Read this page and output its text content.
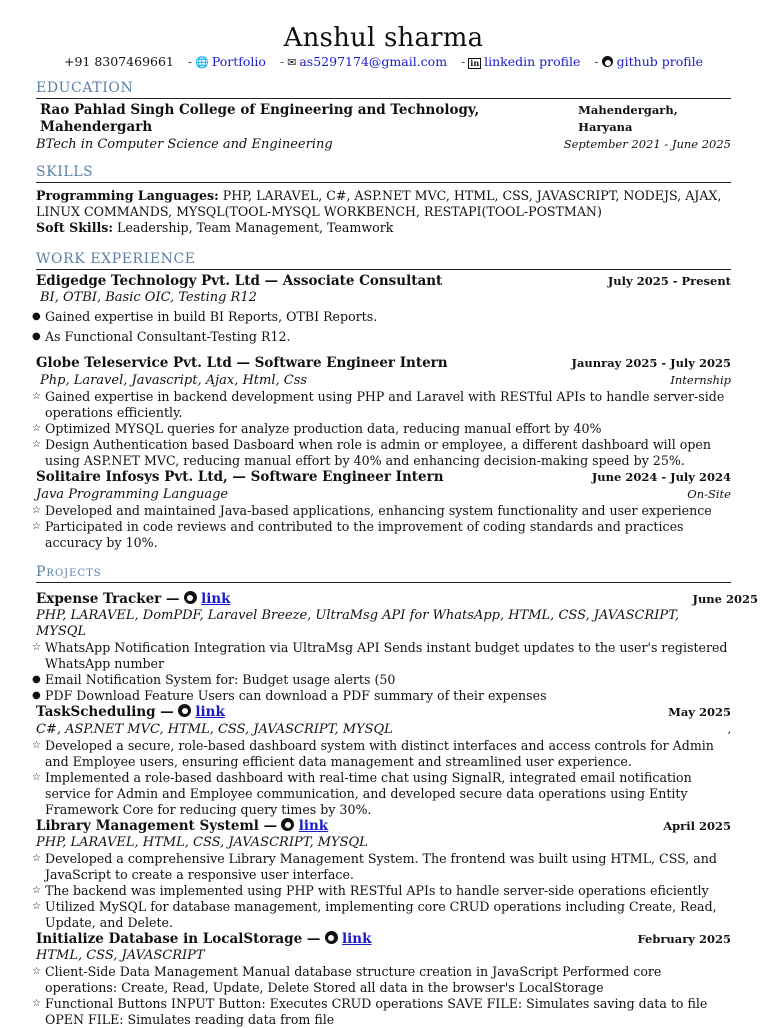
Anshul sharma
+91 8307469661 - 🌐 Portfolio - ✉ as5297174@gmail.com - in linkedin profile - github profile
EDUCATION
Rao Pahlad Singh College of Engineering and Technology, Mahendergarh
Mahendergarh, Haryana
BTech in Computer Science and Engineering	September 2021 - June 2025
SKILLS
Programming Languages: PHP, LARAVEL, C#, ASP.NET MVC, HTML, CSS, JAVASCRIPT, NODEJS, AJAX, LINUX COMMANDS, MYSQL(TOOL-MYSQL WORKBENCH, RESTAPI(TOOL-POSTMAN)
Soft Skills: Leadership, Team Management, Teamwork
WORK EXPERIENCE
Edigedge Technology Pvt. Ltd — Associate Consultant	July 2025 - Present
BI, OTBI, Basic OIC, Testing R12
● Gained expertise in build BI Reports, OTBI Reports.
● As Functional Consultant-Testing R12.
Globe Teleservice Pvt. Ltd — Software Engineer Intern	Jaunray 2025 - July 2025
Php, Laravel, Javascript, Ajax, Html, Css	Internship
☆ Gained expertise in backend development using PHP and Laravel with RESTful APIs to handle server-side operations efficiently.
☆ Optimized MYSQL queries for analyze production data, reducing manual effort by 40%
☆ Design Authentication based Dasboard when role is admin or employee, a different dashboard will open using ASP.NET MVC, reducing manual effort by 40% and enhancing decision-making speed by 25%.
Solitaire Infosys Pvt. Ltd, — Software Engineer Intern	June 2024 - July 2024
Java Programming Language	On-Site
☆ Developed and maintained Java-based applications, enhancing system functionality and user experience
☆ Participated in code reviews and contributed to the improvement of coding standards and practices accuracy by 10%.
Projects
Expense Tracker — link	June 2025
PHP, LARAVEL, DomPDF, Laravel Breeze, UltraMsg API for WhatsApp, HTML, CSS, JAVASCRIPT, MYSQL
☆ WhatsApp Notification Integration via UltraMsg API Sends instant budget updates to the user's registered WhatsApp number
● Email Notification System for: Budget usage alerts (50
● PDF Download Feature Users can download a PDF summary of their expenses
TaskScheduling — link	May 2025
C#, ASP.NET MVC, HTML, CSS, JAVASCRIPT, MYSQL	,
☆ Developed a secure, role-based dashboard system with distinct interfaces and access controls for Admin and Employee users, ensuring efficient data management and streamlined user experience.
☆ Implemented a role-based dashboard with real-time chat using SignalR, integrated email notification service for Admin and Employee communication, and developed secure data operations using Entity Framework Core for reducing query times by 30%.
Library Management Systeml — link	April 2025
PHP, LARAVEL, HTML, CSS, JAVASCRIPT, MYSQL
☆ Developed a comprehensive Library Management System. The frontend was built using HTML, CSS, and JavaScript to create a responsive user interface.
☆ The backend was implemented using PHP with RESTful APIs to handle server-side operations eficiently
☆ Utilized MySQL for database management, implementing core CRUD operations including Create, Read, Update, and Delete.
Initialize Database in LocalStorage — link	February 2025
HTML, CSS, JAVASCRIPT
☆ Client-Side Data Management Manual database structure creation in JavaScript Performed core operations: Create, Read, Update, Delete Stored all data in the browser's LocalStorage
☆ Functional Buttons INPUT Button: Executes CRUD operations SAVE FILE: Simulates saving data to file OPEN FILE: Simulates reading data from file
